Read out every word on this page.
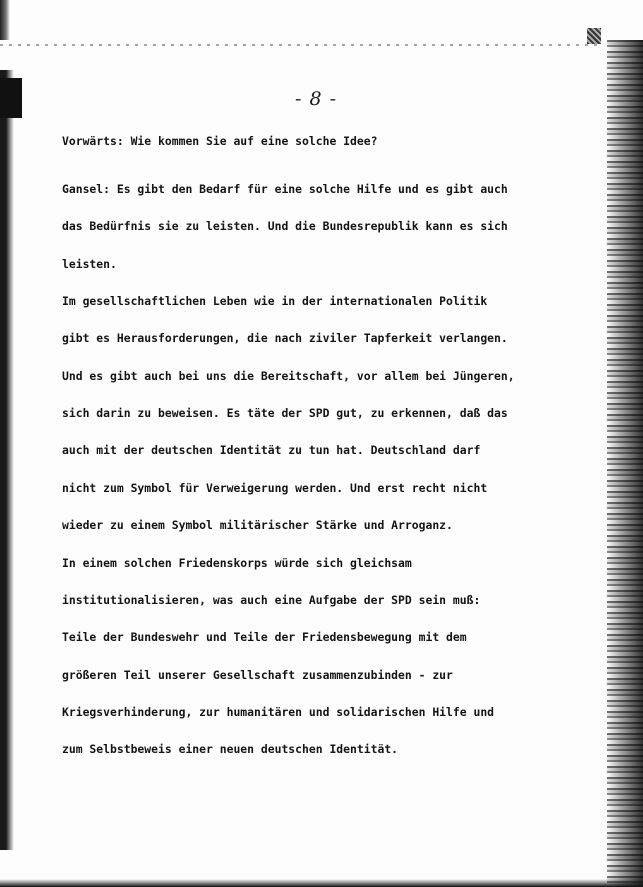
- 8 -
Vorwärts: Wie kommen Sie auf eine solche Idee?

Gansel: Es gibt den Bedarf für eine solche Hilfe und es gibt auch

das Bedürfnis sie zu leisten. Und die Bundesrepublik kann es sich

leisten.

Im gesellschaftlichen Leben wie in der internationalen Politik

gibt es Herausforderungen, die nach ziviler Tapferkeit verlangen.

Und es gibt auch bei uns die Bereitschaft, vor allem bei Jüngeren,

sich darin zu beweisen. Es täte der SPD gut, zu erkennen, daß das

auch mit der deutschen Identität zu tun hat. Deutschland darf

nicht zum Symbol für Verweigerung werden. Und erst recht nicht

wieder zu einem Symbol militärischer Stärke und Arroganz.

In einem solchen Friedenskorps würde sich gleichsam

institutionalisieren, was auch eine Aufgabe der SPD sein muß:

Teile der Bundeswehr und Teile der Friedensbewegung mit dem

größeren Teil unserer Gesellschaft zusammenzubinden - zur

Kriegsverhinderung, zur humanitären und solidarischen Hilfe und

zum Selbstbeweis einer neuen deutschen Identität.
